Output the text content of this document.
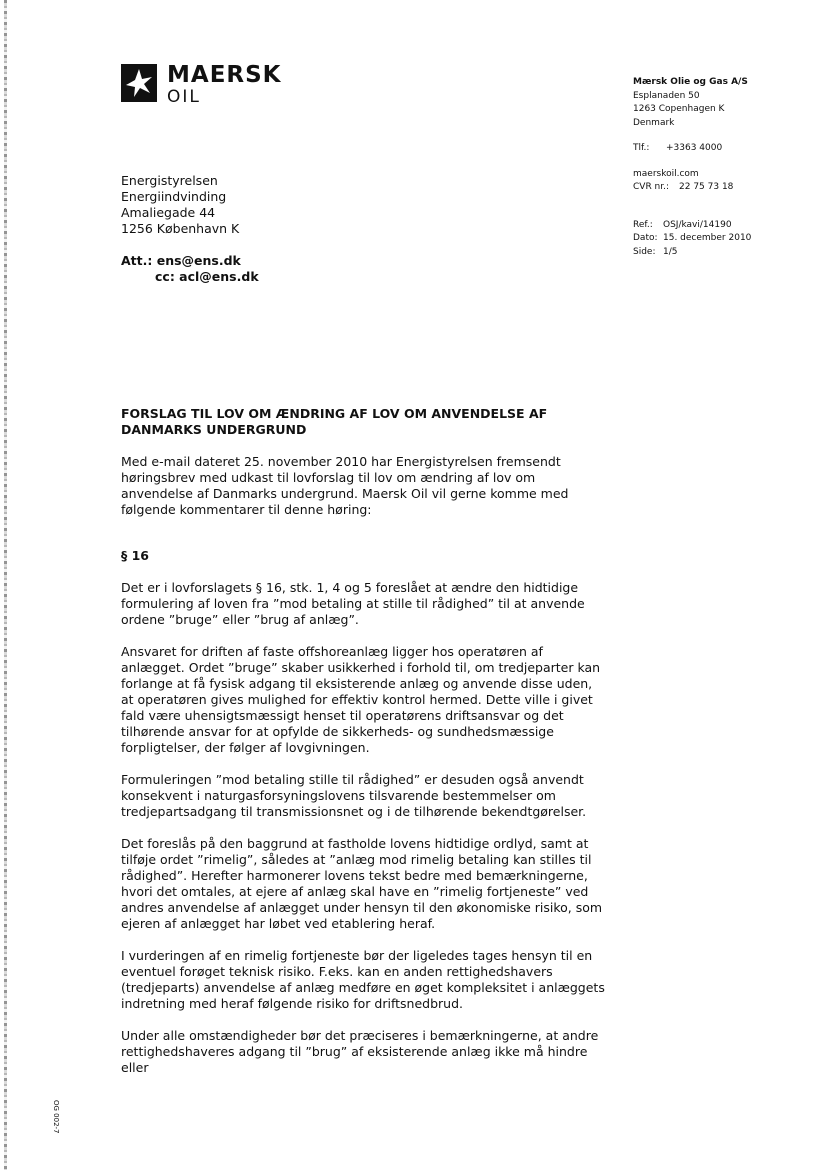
MAERSK
OIL
Mærsk Olie og Gas A/S
Esplanaden 50
1263 Copenhagen K
Denmark
Tlf.:	+3363 4000
maerskoil.com
CVR nr.:	22 75 73 18
Ref.:	OSJ/kavi/14190
Dato: 15. december 2010
Side: 1/5
Energistyrelsen
Energiindvinding
Amaliegade 44
1256 København K
Att.: ens@ens.dk
cc: acl@ens.dk
FORSLAG TIL LOV OM ÆNDRING AF LOV OM ANVENDELSE AF DANMARKS UNDERGRUND

Med e-mail dateret 25. november 2010 har Energistyrelsen fremsendt høringsbrev med udkast til lovforslag til lov om ændring af lov om anvendelse af Danmarks undergrund. Maersk Oil vil gerne komme med følgende kommentarer til denne høring:

§ 16

Det er i lovforslagets § 16, stk. 1, 4 og 5 foreslået at ændre den hidtidige formulering af loven fra ”mod betaling at stille til rådighed” til at anvende ordene ”bruge” eller ”brug af anlæg”.

Ansvaret for driften af faste offshoreanlæg ligger hos operatøren af anlægget. Ordet ”bruge” skaber usikkerhed i forhold til, om tredjeparter kan forlange at få fysisk adgang til eksisterende anlæg og anvende disse uden, at operatøren gives mulighed for effektiv kontrol hermed. Dette ville i givet fald være uhensigtsmæssigt henset til operatørens driftsansvar og det tilhørende ansvar for at opfylde de sikkerheds- og sundhedsmæssige forpligtelser, der følger af lovgivningen.

Formuleringen ”mod betaling stille til rådighed” er desuden også anvendt konsekvent i naturgasforsyningslovens tilsvarende bestemmelser om tredjepartsadgang til transmissionsnet og i de tilhørende bekendtgørelser.

Det foreslås på den baggrund at fastholde lovens hidtidige ordlyd, samt at tilføje ordet ”rimelig”, således at ”anlæg mod rimelig betaling kan stilles til rådighed”. Herefter harmonerer lovens tekst bedre med bemærkningerne, hvori det omtales, at ejere af anlæg skal have en ”rimelig fortjeneste” ved andres anvendelse af anlægget under hensyn til den økonomiske risiko, som ejeren af anlægget har løbet ved etablering heraf.

I vurderingen af en rimelig fortjeneste bør der ligeledes tages hensyn til en eventuel forøget teknisk risiko. F.eks. kan en anden rettighedshavers (tredjeparts) anvendelse af anlæg medføre en øget kompleksitet i anlæggets indretning med heraf følgende risiko for driftsnedbrud.

Under alle omstændigheder bør det præciseres i bemærkningerne, at andre rettighedshaveres adgang til ”brug” af eksisterende anlæg ikke må hindre eller

OG 002-7
